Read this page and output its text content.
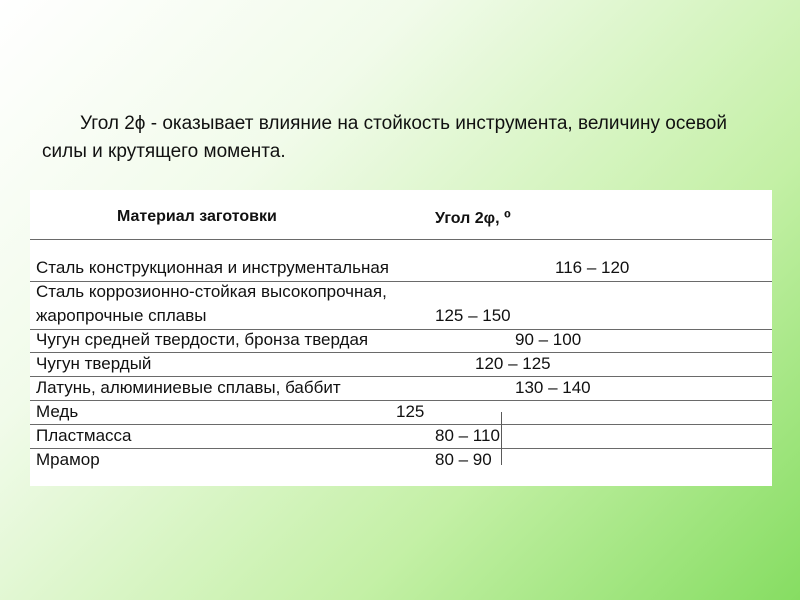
Угол 2ϕ - оказывает влияние на стойкость инструмента, величину осевой силы и крутящего момента.

Материал заготовки	Угол 2φ, ⁰
Сталь конструкционная и инструментальная	116 – 120
Сталь коррозионно-стойкая высокопрочная,
жаропрочные сплавы	125 – 150
Чугун средней твердости, бронза твердая	90 – 100
Чугун твердый	120 – 125
Латунь, алюминиевые сплавы, баббит	130 – 140
Медь	125
Пластмасса	80 – 110
Мрамор	80 – 90
